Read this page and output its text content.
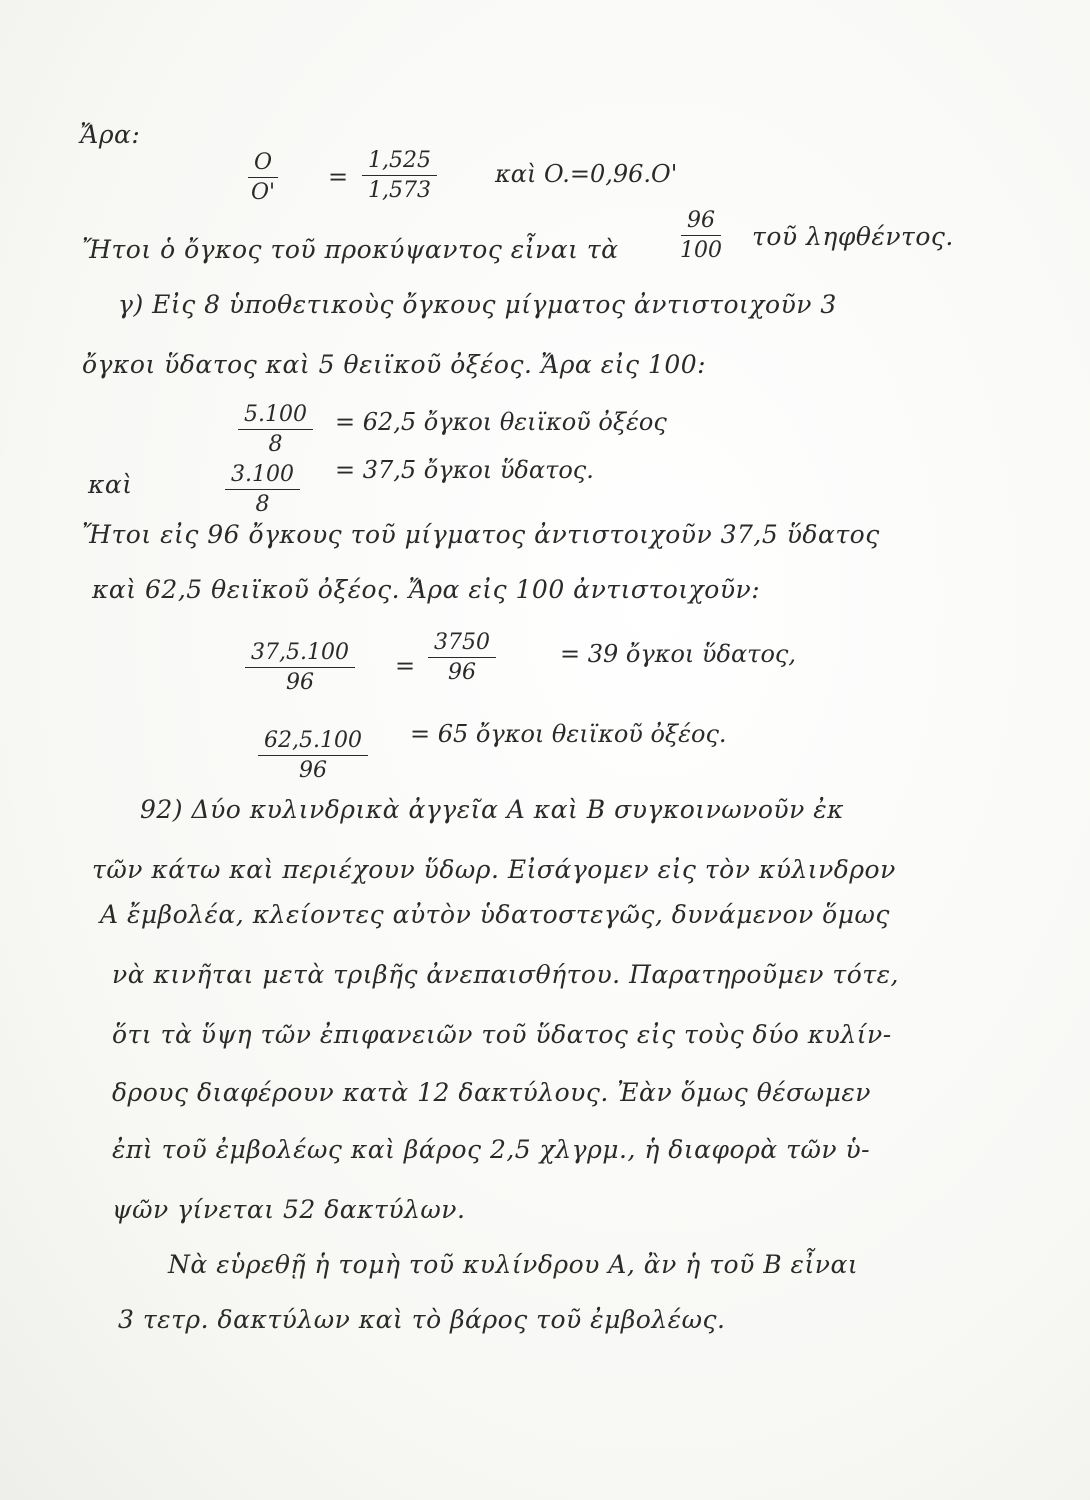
Ἄρα:
$\frac{O}{O'} = \frac{1,525}{1,573}$ καὶ O.=0,96.O'
Ἤτοι ὁ ὄγκος τοῦ προκύψαντος εἶναι τὰ	$\frac{96}{100}$ τοῦ ληφθέντος.
γ) Εἰς 8 ὑποθετικοὺς ὄγκους μίγματος ἀντιστοιχοῦν 3
ὄγκοι ὕδατος καὶ 5 θειϊκοῦ ὀξέος. Ἄρα εἰς 100:
$\frac{5.100}{8} = 62,5$ ὄγκοι θειϊκοῦ ὀξέος
καὶ	$\frac{3.100}{8} = 37,5$ ὄγκοι ὕδατος.
Ἤτοι εἰς 96 ὄγκους τοῦ μίγματος ἀντιστοιχοῦν 37,5 ὕδατος
καὶ 62,5 θειϊκοῦ ὀξέος. Ἄρα εἰς 100 ἀντιστοιχοῦν:
$\frac{37,5.100}{96} = \frac{3750}{96}$	= 39 ὄγκοι ὕδατος,
$\frac{62,5.100}{96} = 65$ ὄγκοι θειϊκοῦ ὀξέος.
92) Δύο κυλινδρικὰ ἀγγεῖα Α καὶ Β συγκοινωνοῦν ἐκ
τῶν κάτω καὶ περιέχουν ὕδωρ. Εἰσάγομεν εἰς τὸν κύλινδρον
Α ἔμβολέα, κλείοντες αὐτὸν ὑδατοστεγῶς, δυνάμενον ὅμως
νὰ κινῆται μετὰ τριβῆς ἀνεπαισθήτου. Παρατηροῦμεν τότε,
ὅτι τὰ ὕψη τῶν ἐπιφανειῶν τοῦ ὕδατος εἰς τοὺς δύο κυλίν-
δρους διαφέρουν κατὰ 12 δακτύλους. Ἐὰν ὅμως θέσωμεν
ἐπὶ τοῦ ἐμβολέως καὶ βάρος 2,5 χλγρμ., ἡ διαφορὰ τῶν ὑ-
ψῶν γίνεται 52 δακτύλων.
Νὰ εὑρεθῇ ἡ τομὴ τοῦ κυλίνδρου Α, ἂν ἡ τοῦ Β εἶναι
3 τετρ. δακτύλων καὶ τὸ βάρος τοῦ ἐμβολέως.
